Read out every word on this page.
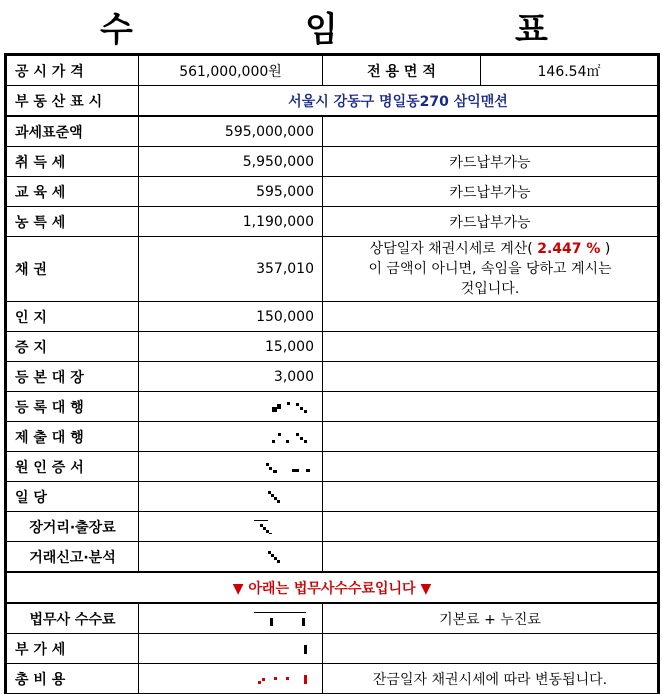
수	임	표
공 시 가 격	561,000,000원	전 용 면 적	146.54㎡

부 동 산 표 시	서울시 강동구 명일동270 삼익맨션		

과세표준액	595,000,000		

취 득 세	5,950,000	카드납부가능	

교 육 세	595,000	카드납부가능	

농 특 세	1,190,000	카드납부가능	

채 권	357,010	상담일자 채권시세로 계산( 2.447 % )
이 금액이 아니면, 속임을 당하고 계시는
것입니다.	

인 지	150,000		

증 지	15,000		

등 본 대 장	3,000		

등 록 대 행

제 출 대 행

원 인 증 서

일 당

장거리·출장료

거래신고·분석

▼ 아래는 법무사수수료입니다 ▼			

법무사 수수료		기본료 + 누진료	

부 가 세

총 비 용		잔금일자 채권시세에 따라 변동됩니다.	
